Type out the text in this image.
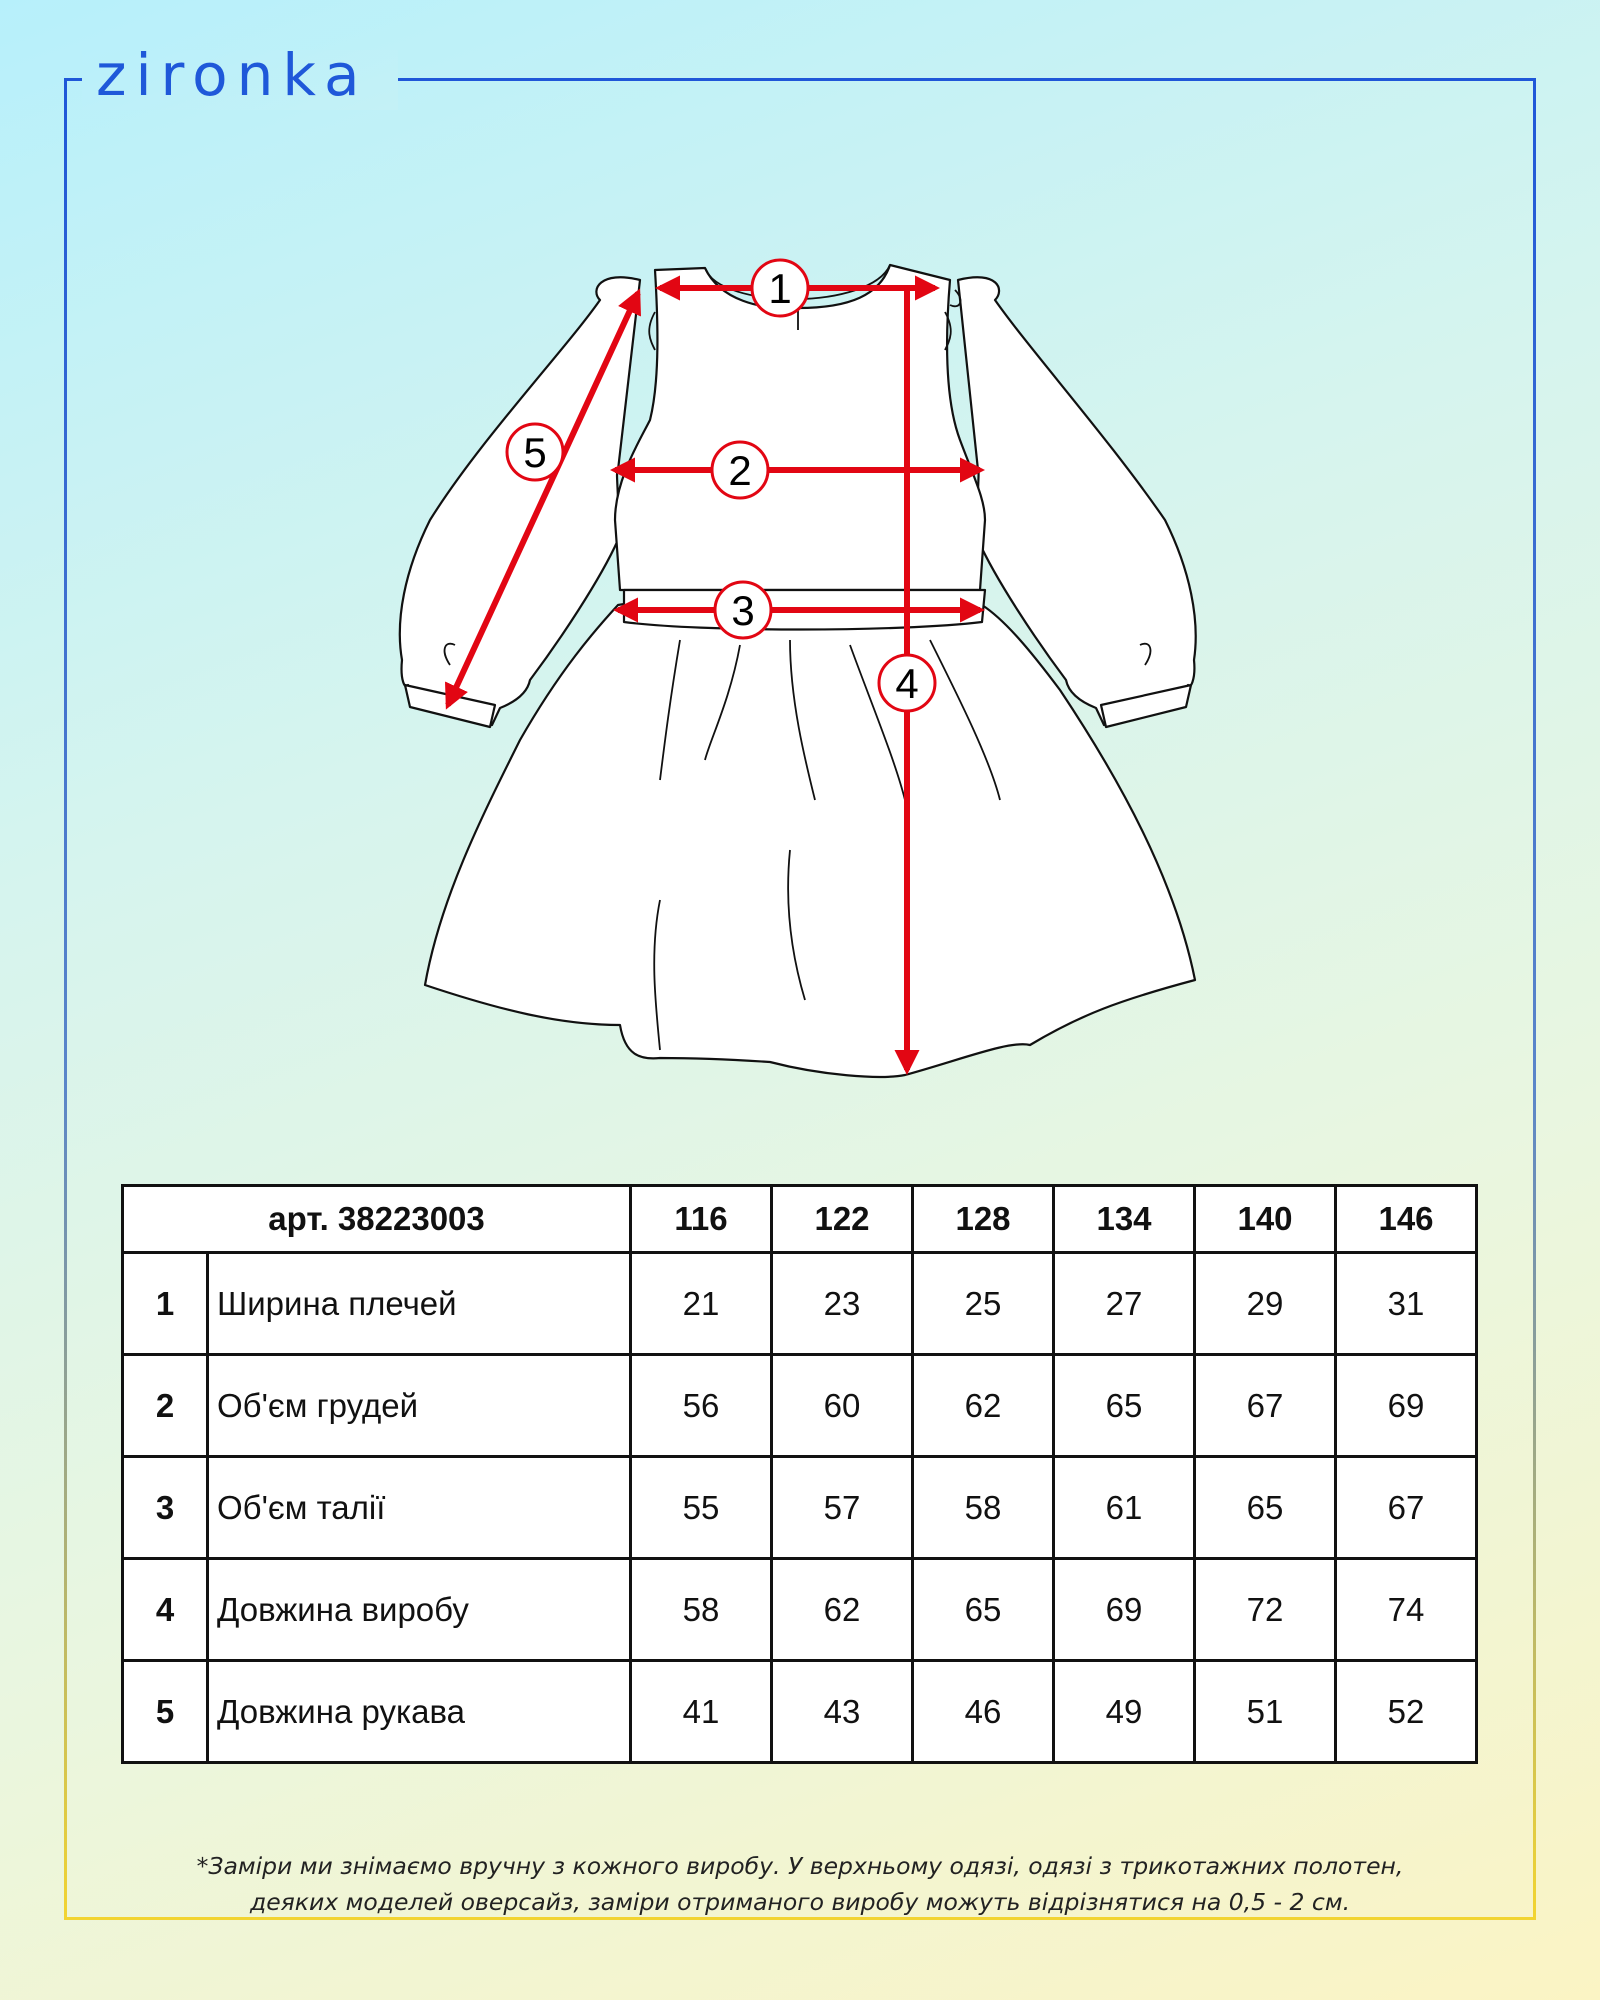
zironka
1
2
3
4
5
арт. 38223003		116	122	128	134	140	146
1	Ширина плечей	21	23	25	27	29	31
2	Об'єм грудей	56	60	62	65	67	69
3	Об'єм талії	55	57	58	61	65	67
4	Довжина виробу	58	62	65	69	72	74
5	Довжина рукава	41	43	46	49	51	52
*Заміри ми знімаємо вручну з кожного виробу. У верхньому одязі, одязі з трикотажних полотен,
деяких моделей оверсайз, заміри отриманого виробу можуть відрізнятися на 0,5 - 2 см.
